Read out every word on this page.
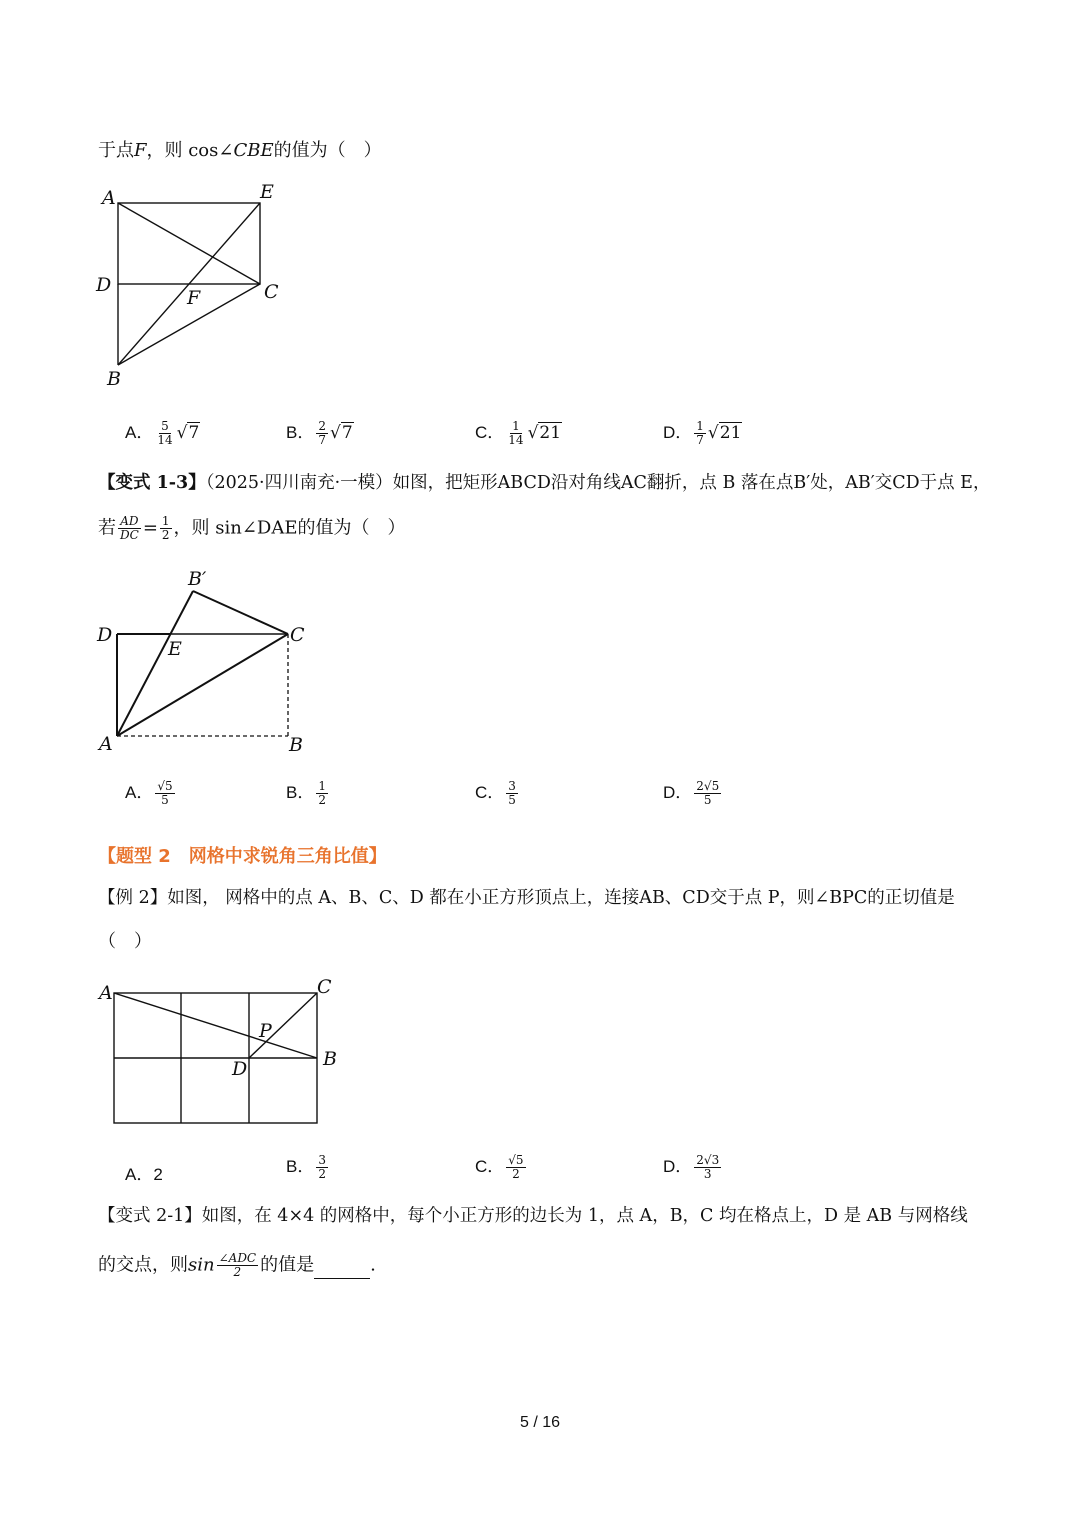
于点F，则 cos∠CBE的值为（　）
A	E
D	C
F
B
A． $\frac{5}{14} √7$	B． $\frac{2}{7} √7$	C． $\frac{1}{14} √21$	D． $\frac{1}{7} √21$
【变式 1-3】（2025·四川南充·一模）如图，把矩形ABCD沿对角线AC翻折，点 B 落在点B′处，AB′交CD于点 E，
若 $\frac{AD}{DC} = \frac{1}{2}$ ，则 sin∠DAE的值为（　）
B′
D
E
C
A	B
A． $\frac{√5}{5}$	B． $\frac{1}{2}$	C． $\frac{3}{5}$	D． $\frac{2√5}{5}$
【题型 2　网格中求锐角三角比值】
【例 2】如图， 网格中的点 A、B、C、D 都在小正方形顶点上，连接AB、CD交于点 P，则∠BPC的正切值是
（　）
A	C
P
D	B
A．2	B． $\frac{3}{2}$	C． $\frac{√5}{2}$	D． $\frac{2√3}{3}$
【变式 2-1】如图，在 4×4 的网格中，每个小正方形的边长为 1，点 A，B，C 均在格点上，D 是 AB 与网格线
的交点，则$\sin \frac{\text{∠ADC}}{2}$ 的值是	.
5 / 16
